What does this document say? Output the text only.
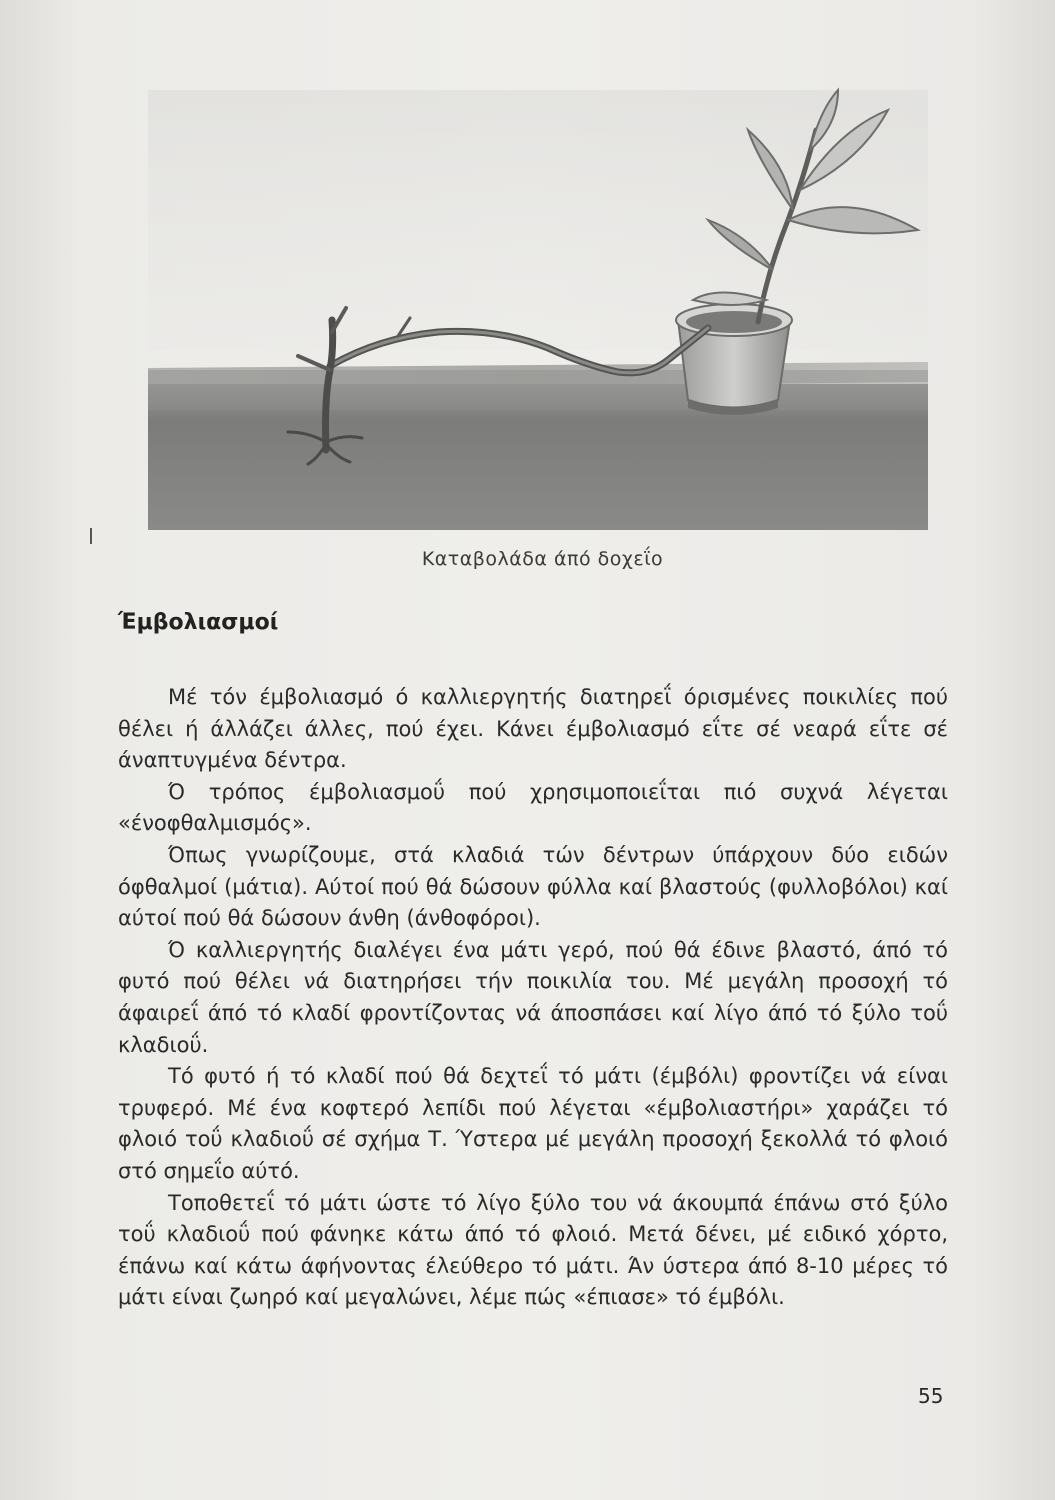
Καταβολάδα άπό δοχεΐο
Έμβολιασμοί

Μέ τόν έμβολιασμό ό καλλιεργητής διατηρεΐ όρισμένες ποικιλίες πού θέλει ή άλλάζει άλλες, πού έχει. Κάνει έμβολιασμό εΐτε σέ νεαρά εΐτε σέ άναπτυγμένα δέντρα.

Ό τρόπος έμβολιασμοΰ πού χρησιμοποιεΐται πιό συχνά λέγεται «ένοφθαλμισμός».

Όπως γνωρίζουμε, στά κλαδιά τών δέντρων ύπάρχουν δύο ειδών όφθαλμοί (μάτια). Αύτοί πού θά δώσουν φύλλα καί βλαστούς (φυλλοβόλοι) καί αύτοί πού θά δώσουν άνθη (άνθοφόροι).

Ό καλλιεργητής διαλέγει ένα μάτι γερό, πού θά έδινε βλαστό, άπό τό φυτό πού θέλει νά διατηρήσει τήν ποικιλία του. Μέ μεγάλη προσοχή τό άφαιρεΐ άπό τό κλαδί φροντίζοντας νά άποσπάσει καί λίγο άπό τό ξύλο τοΰ κλαδιοΰ.

Τό φυτό ή τό κλαδί πού θά δεχτεΐ τό μάτι (έμβόλι) φροντίζει νά είναι τρυφερό. Μέ ένα κοφτερό λεπίδι πού λέγεται «έμβολιαστήρι» χαράζει τό φλοιό τοΰ κλαδιοΰ σέ σχήμα Τ. Ύστερα μέ μεγάλη προσοχή ξεκολλά τό φλοιό στό σημεΐο αύτό.

Τοποθετεΐ τό μάτι ώστε τό λίγο ξύλο του νά άκουμπά έπάνω στό ξύλο τοΰ κλαδιοΰ πού φάνηκε κάτω άπό τό φλοιό. Μετά δένει, μέ ειδικό χόρτο, έπάνω καί κάτω άφήνοντας έλεύθερο τό μάτι. Άν ύστερα άπό 8-10 μέρες τό μάτι είναι ζωηρό καί μεγαλώνει, λέμε πώς «έπιασε» τό έμβόλι.

55
